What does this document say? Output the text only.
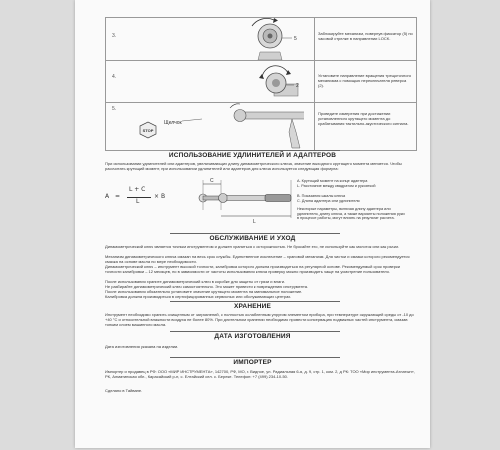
3.	5

Заблокируйте механизм, повернув фиксатор (5) по часовой стрелке в направлении LOCK.

4.
2

Установите направление вращения трещоточного механизма с помощью переключателя реверса (2).

5.
STOP
Щелчок

Проведите измерения при достижении установленного крутящего момента до срабатывания тактильно-акустического сигнала.

ИСПОЛЬЗОВАНИЕ УДЛИНИТЕЛЕЙ И АДАПТЕРОВ

При использовании удлинителей или адаптеров, увеличивающих длину динамометрического ключа, значение выходного крутящего момента меняется. Чтобы рассчитать крутящий момент, при использовании удлинителей или адаптеров для ключа используется следующая формула:

A =
L + C
L
× B
C
L
A. Крутящий момент на конце адаптера
L. Расстояние между квадратом и рукояткой
B. Показания шкалы ключа
C. Длина адаптера или удлинителя

Некоторые параметры, включая длину адаптера или удлинителя, длину ключа, а также варианты положения руки в процессе работы, могут влиять на результат расчета.

ОБСЛУЖИВАНИЕ И УХОД

Динамометрический ключ является точным инструментом и должен храниться с осторожностью. Не бросайте его, не используйте как молоток или как рычаг.

Механизм динамометрического ключа смазан на весь срок службы. Единственное исключение – храповой механизм. Для чистки и смазки которого рекомендуется смазка на основе масла по мере необходимости.

Динамометрический ключ – инструмент высокой точности, калибровка которого должна производиться на регулярной основе. Рекомендуемый срок проверки точности калибровки – 12 месяцев, но в зависимости от частоты использования ключа проверку можно производить чаще на усмотрение пользователя.

После использования храните динамометрический ключ в коробке для защиты от грязи и влаги.

Не разбирайте динамометрический ключ самостоятельно. Это может привести к повреждению инструмента.

После использования обязательно установите значение крутящего момента на минимальное положение.

Калибровка должна производиться в сертифицированных сервисных или обслуживающих центрах.

ХРАНЕНИЕ

Инструмент необходимо хранить очищенным от загрязнений, с полностью ослабленным упругим элементом прибора, при температуре окружающей среды от -10 до +40 °С и относительной влажности воздуха не более 80%. При длительном хранении необходимо провести консервацию подвижных частей инструмента, смазав тонким слоем машинного масла.

ДАТА ИЗГОТОВЛЕНИЯ

Дата изготовления указана на изделии.

ИМПОРТЕР

Импортер и продавец в РФ: ООО «МИР ИНСТРУМЕНТА», 142700, РФ, МО, г. Видное, ул. Радиальная 6-я, д. 9, стр. 1, ком. 2, д РК: ТОО «Мир инструмента-Атлатын», РК, Алматинская обл., Карасайский р-н, с. Елтайский сел. с. Береке. Телефон: +7 (499) 234-10-50.

Сделано в Тайване.
